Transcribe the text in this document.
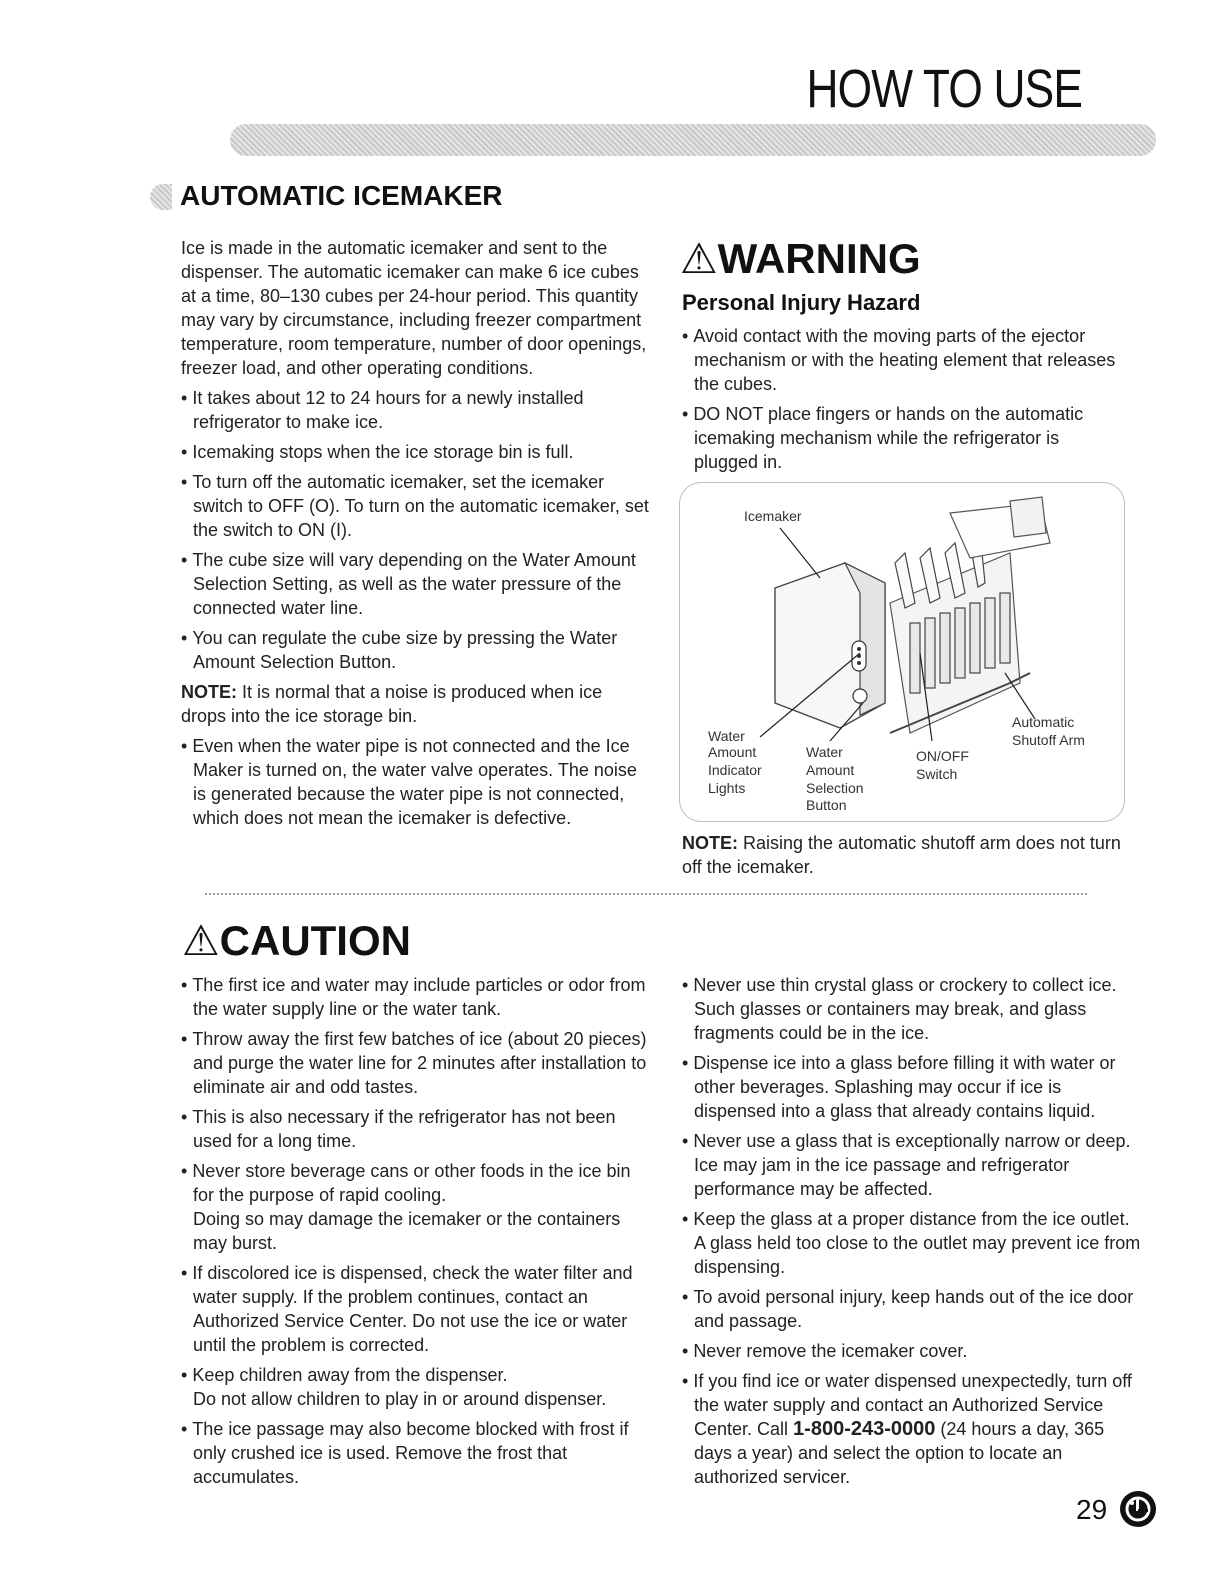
HOW TO USE
AUTOMATIC ICEMAKER

Ice is made in the automatic icemaker and sent to the dispenser. The automatic icemaker can make 6 ice cubes at a time, 80–130 cubes per 24-hour period. This quantity may vary by circumstance, including freezer compartment temperature, room temperature, number of door openings, freezer load, and other operating conditions.

• It takes about 12 to 24 hours for a newly installed refrigerator to make ice.

• Icemaking stops when the ice storage bin is full.

• To turn off the automatic icemaker, set the icemaker switch to OFF (O). To turn on the automatic icemaker, set the switch to ON (I).

• The cube size will vary depending on the Water Amount Selection Setting, as well as the water pressure of the connected water line.

• You can regulate the cube size by pressing the Water Amount Selection Button.

NOTE: It is normal that a noise is produced when ice drops into the ice storage bin.

• Even when the water pipe is not connected and the Ice Maker is turned on, the water valve operates. The noise is generated because the water pipe is not connected, which does not mean the icemaker is defective.

⚠WARNING
Personal Injury Hazard

• Avoid contact with the moving parts of the ejector mechanism or with the heating element that releases the cubes.

• DO NOT place fingers or hands on the automatic icemaking mechanism while the refrigerator is plugged in.

Icemaker
Water
Amount
Indicator
Lights
Water
Amount
Selection
Button
ON/OFF
Switch
Automatic
Shutoff Arm

NOTE: Raising the automatic shutoff arm does not turn off the icemaker.

⚠CAUTION

• The first ice and water may include particles or odor from the water supply line or the water tank.

• Throw away the first few batches of ice (about 20 pieces) and purge the water line for 2 minutes after installation to eliminate air and odd tastes.

• This is also necessary if the refrigerator has not been used for a long time.

• Never store beverage cans or other foods in the ice bin for the purpose of rapid cooling.
Doing so may damage the icemaker or the containers may burst.

• If discolored ice is dispensed, check the water filter and water supply. If the problem continues, contact an Authorized Service Center. Do not use the ice or water until the problem is corrected.

• Keep children away from the dispenser.
Do not allow children to play in or around dispenser.

• The ice passage may also become blocked with frost if only crushed ice is used. Remove the frost that accumulates.

• Never use thin crystal glass or crockery to collect ice. Such glasses or containers may break, and glass fragments could be in the ice.

• Dispense ice into a glass before filling it with water or other beverages. Splashing may occur if ice is dispensed into a glass that already contains liquid.

• Never use a glass that is exceptionally narrow or deep. Ice may jam in the ice passage and refrigerator performance may be affected.

• Keep the glass at a proper distance from the ice outlet. A glass held too close to the outlet may prevent ice from dispensing.

• To avoid personal injury, keep hands out of the ice door and passage.

• Never remove the icemaker cover.

• If you find ice or water dispensed unexpectedly, turn off the water supply and contact an Authorized Service Center. Call 1-800-243-0000 (24 hours a day, 365 days a year) and select the option to locate an authorized servicer.

29
